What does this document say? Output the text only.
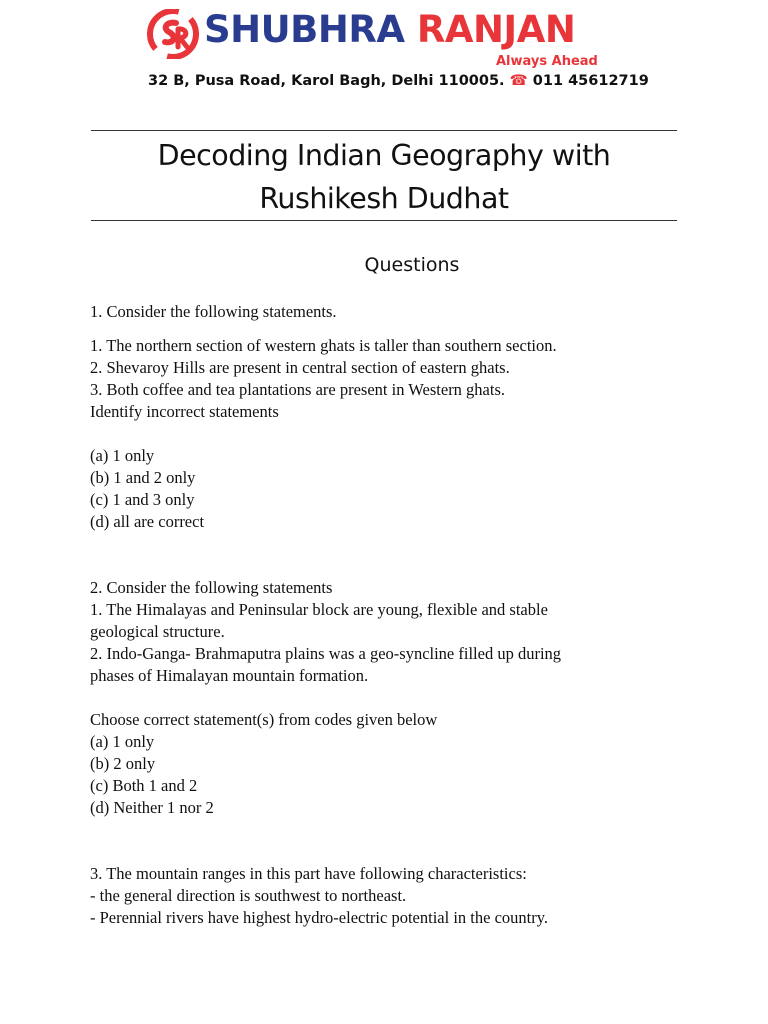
SHUBHRA RANJAN
Always Ahead
32 B, Pusa Road, Karol Bagh, Delhi 110005. ☎ 011 45612719
Decoding Indian Geography with
Rushikesh Dudhat
Questions
1. Consider the following statements.
1. The northern section of western ghats is taller than southern section.
2. Shevaroy Hills are present in central section of eastern ghats.
3. Both coffee and tea plantations are present in Western ghats.
Identify incorrect statements
(a) 1 only
(b) 1 and 2 only
(c) 1 and 3 only
(d) all are correct
2. Consider the following statements
1. The Himalayas and Peninsular block are young, flexible and stable
geological structure.
2. Indo-Ganga- Brahmaputra plains was a geo-syncline filled up during
phases of Himalayan mountain formation.
Choose correct statement(s) from codes given below
(a) 1 only
(b) 2 only
(c) Both 1 and 2
(d) Neither 1 nor 2
3. The mountain ranges in this part have following characteristics:
- the general direction is southwest to northeast.
- Perennial rivers have highest hydro-electric potential in the country.
